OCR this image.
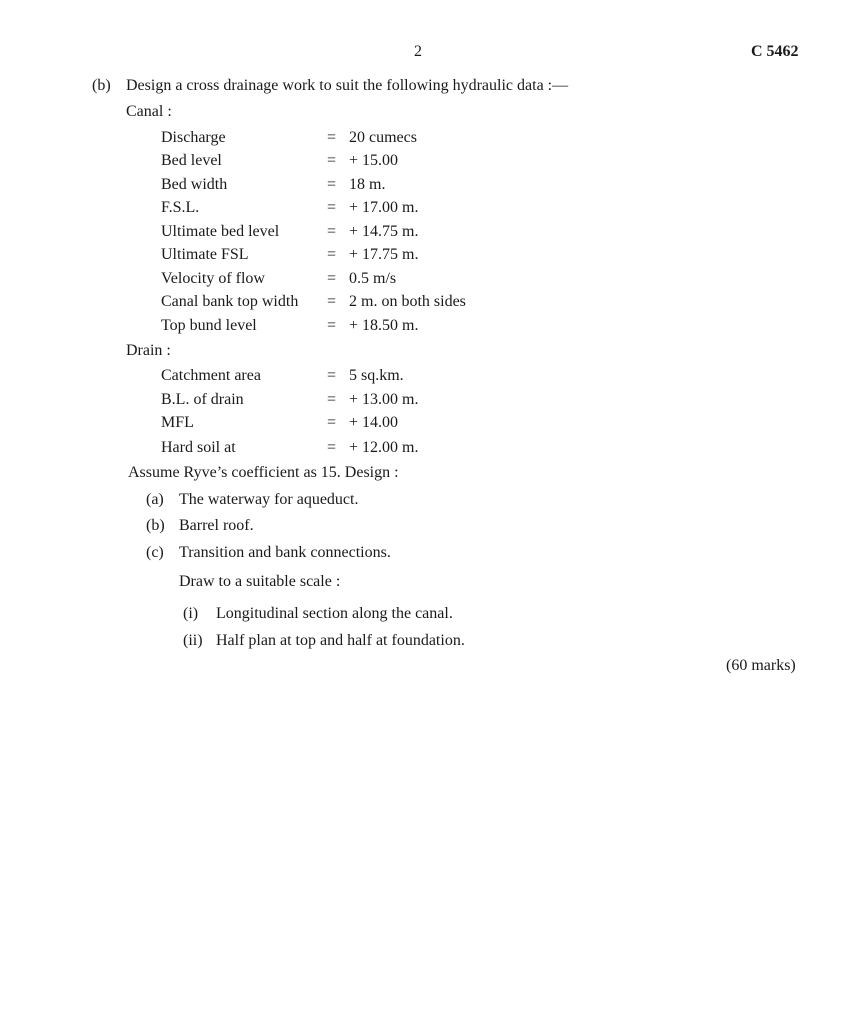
2	C 5462
(b) Design a cross drainage work to suit the following hydraulic data :—
Canal :
Discharge	= 20 cumecs
Bed level	= + 15.00
Bed width	= 18 m.
F.S.L.	= + 17.00 m.
Ultimate bed level	= + 14.75 m.
Ultimate FSL	= + 17.75 m.
Velocity of flow	= 0.5 m/s
Canal bank top width = 2 m. on both sides
Top bund level	= + 18.50 m.
Drain :
Catchment area	= 5 sq.km.
B.L. of drain	= + 13.00 m.
MFL	= + 14.00
Hard soil at	= + 12.00 m.
Assume Ryve’s coefficient as 15. Design :
(a) The waterway for aqueduct.
(b) Barrel roof.
(c) Transition and bank connections.
Draw to a suitable scale :
(i) Longitudinal section along the canal.
(ii) Half plan at top and half at foundation.
(60 marks)
